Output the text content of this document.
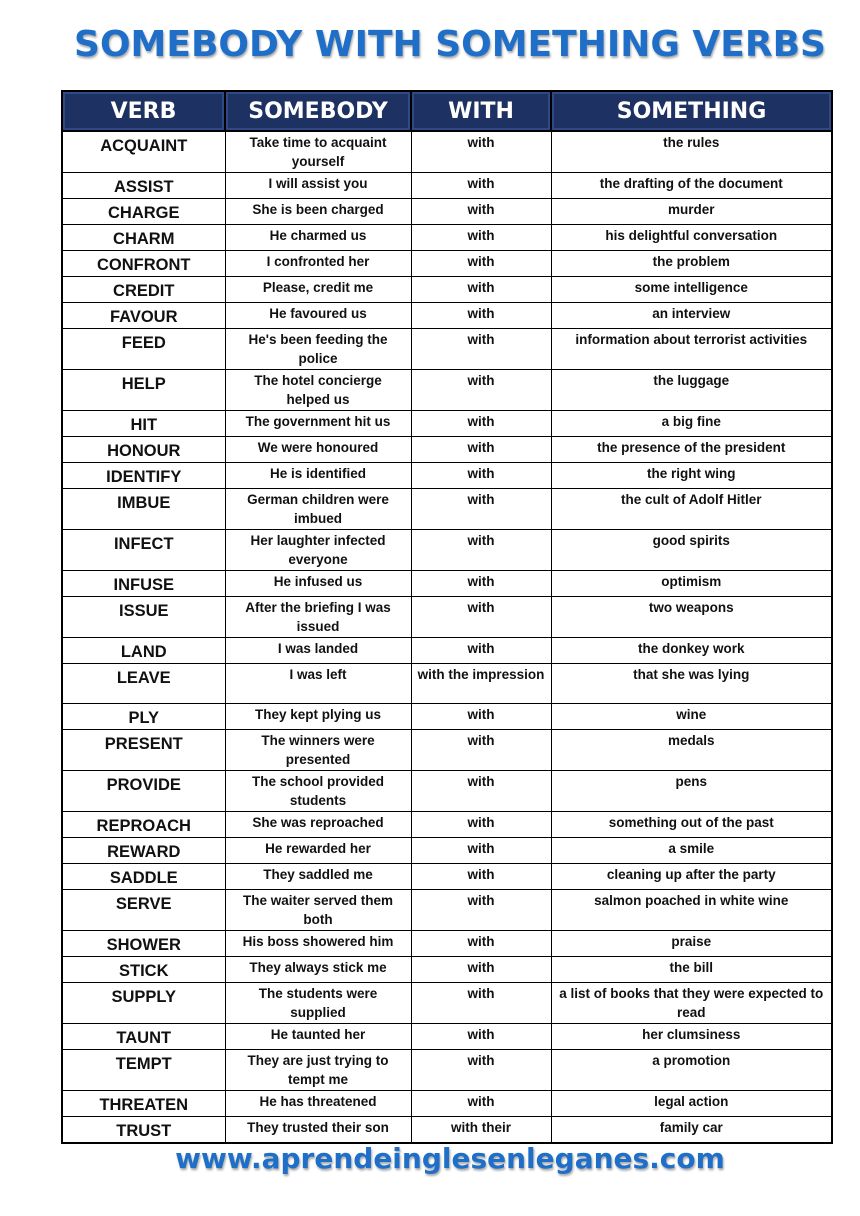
SOMEBODY WITH SOMETHING VERBS
VERB	SOMEBODY	WITH	SOMETHING
ACQUAINT	Take time to acquaint yourself	with	the rules
ASSIST	I will assist you	with	the drafting of the document
CHARGE	She is been charged	with	murder
CHARM	He charmed us	with	his delightful conversation
CONFRONT	I confronted her	with	the problem
CREDIT	Please, credit me	with	some intelligence
FAVOUR	He favoured us	with	an interview
FEED	He's been feeding the police	with	information about terrorist activities
HELP	The hotel concierge helped us	with	the luggage
HIT	The government hit us	with	a big fine
HONOUR	We were honoured	with	the presence of the president
IDENTIFY	He is identified	with	the right wing
IMBUE	German children were imbued	with	the cult of Adolf Hitler
INFECT	Her laughter infected everyone	with	good spirits
INFUSE	He infused us	with	optimism
ISSUE	After the briefing I was issued	with	two weapons
LAND	I was landed	with	the donkey work
LEAVE	I was left	with the impression	that she was lying
PLY	They kept plying us	with	wine
PRESENT	The winners were presented	with	medals
PROVIDE	The school provided students	with	pens
REPROACH	She was reproached	with	something out of the past
REWARD	He rewarded her	with	a smile
SADDLE	They saddled me	with	cleaning up after the party
SERVE	The waiter served them both	with	salmon poached in white wine
SHOWER	His boss showered him	with	praise
STICK	They always stick me	with	the bill
SUPPLY	The students were supplied	with	a list of books that they were expected to read
TAUNT	He taunted her	with	her clumsiness
TEMPT	They are just trying to tempt me	with	a promotion
THREATEN	He has threatened	with	legal action
TRUST	They trusted their son	with their	family car
www.aprendeinglesenleganes.com
